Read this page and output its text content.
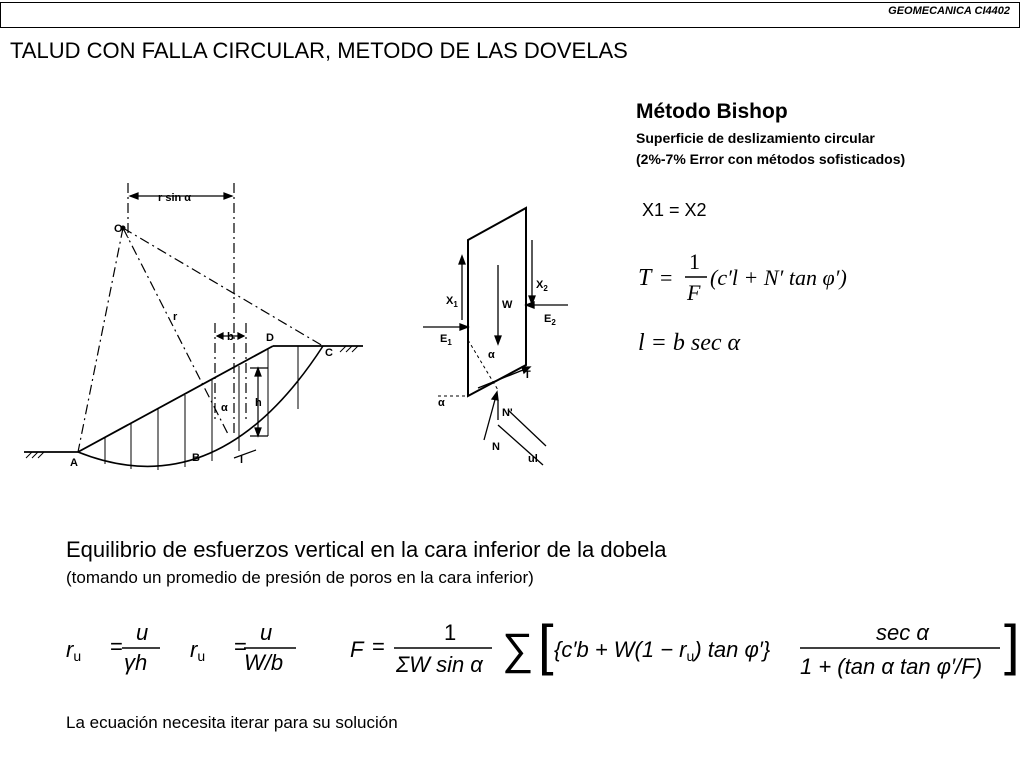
GEOMECANICA CI4402
TALUD CON FALLA CIRCULAR, METODO DE LAS DOVELAS
Método Bishop
Superficie de deslizamiento circular
(2%-7% Error con métodos sofisticados)
X1 = X2
T =
1
F
(c′l + N′ tan φ′)
l = b sec α
O
r sin α
r
b	D
C
A	B
h
l
α
$X_1$
$X_2$
W
$E_1$
$E_2$
α
α
T
N'
N
ul
Equilibrio de esfuerzos vertical en la cara inferior de la dobela
(tomando un promedio de presión de poros en la cara inferior)
ru =
u
γh
ru =
u
W/b
F =
1
ΣW sin α ∑ [ {c′b + W(1 − ru) tan φ′}
sec α
1 + (tan α tan φ′/F) ]
La ecuación necesita iterar para su solución
